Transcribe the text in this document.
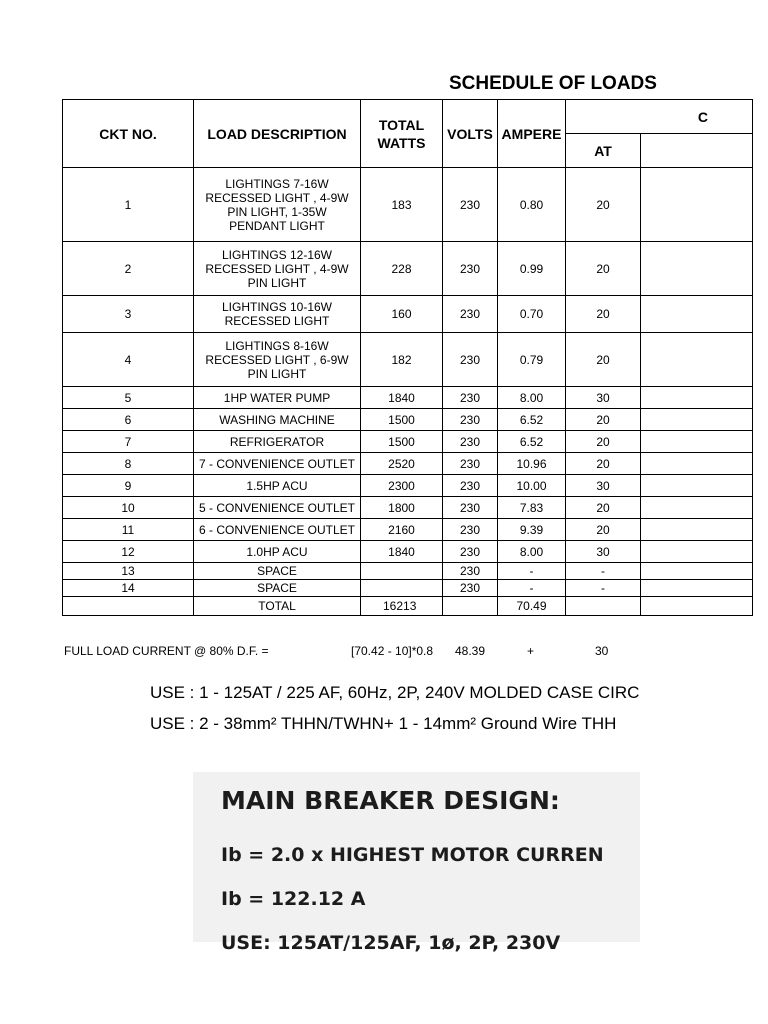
SCHEDULE OF LOADS
CKT NO.	LOAD DESCRIPTION	TOTAL WATTS	VOLTS	AMPERE	C	
					AT	
1	LIGHTINGS 7-16W RECESSED LIGHT , 4-9W PIN LIGHT, 1-35W PENDANT LIGHT	183	230	0.80	20	
2	LIGHTINGS 12-16W RECESSED LIGHT , 4-9W PIN LIGHT	228	230	0.99	20	
3	LIGHTINGS 10-16W RECESSED LIGHT	160	230	0.70	20	
4	LIGHTINGS 8-16W RECESSED LIGHT , 6-9W PIN LIGHT	182	230	0.79	20	
5	1HP WATER PUMP	1840	230	8.00	30	
6	WASHING MACHINE	1500	230	6.52	20	
7	REFRIGERATOR	1500	230	6.52	20	
8	7 - CONVENIENCE OUTLET	2520	230	10.96	20	
9	1.5HP ACU	2300	230	10.00	30	
10	5 - CONVENIENCE OUTLET	1800	230	7.83	20	
11	6 - CONVENIENCE OUTLET	2160	230	9.39	20	
12	1.0HP ACU	1840	230	8.00	30	
13	SPACE		230	-	-	
14	SPACE		230	-	-	
	TOTAL	16213		70.49		
FULL LOAD CURRENT @ 80% D.F. =	[70.42 - 10]*0.8 48.39	+	30
USE : 1 - 125AT / 225 AF, 60Hz, 2P, 240V MOLDED CASE CIRC
USE : 2 - 38mm² THHN/TWHN+ 1 - 14mm² Ground Wire THH
MAIN BREAKER DESIGN:
Ib = 2.0 x HIGHEST MOTOR CURREN
Ib = 122.12 A
USE: 125AT/125AF, 1ø, 2P, 230V
